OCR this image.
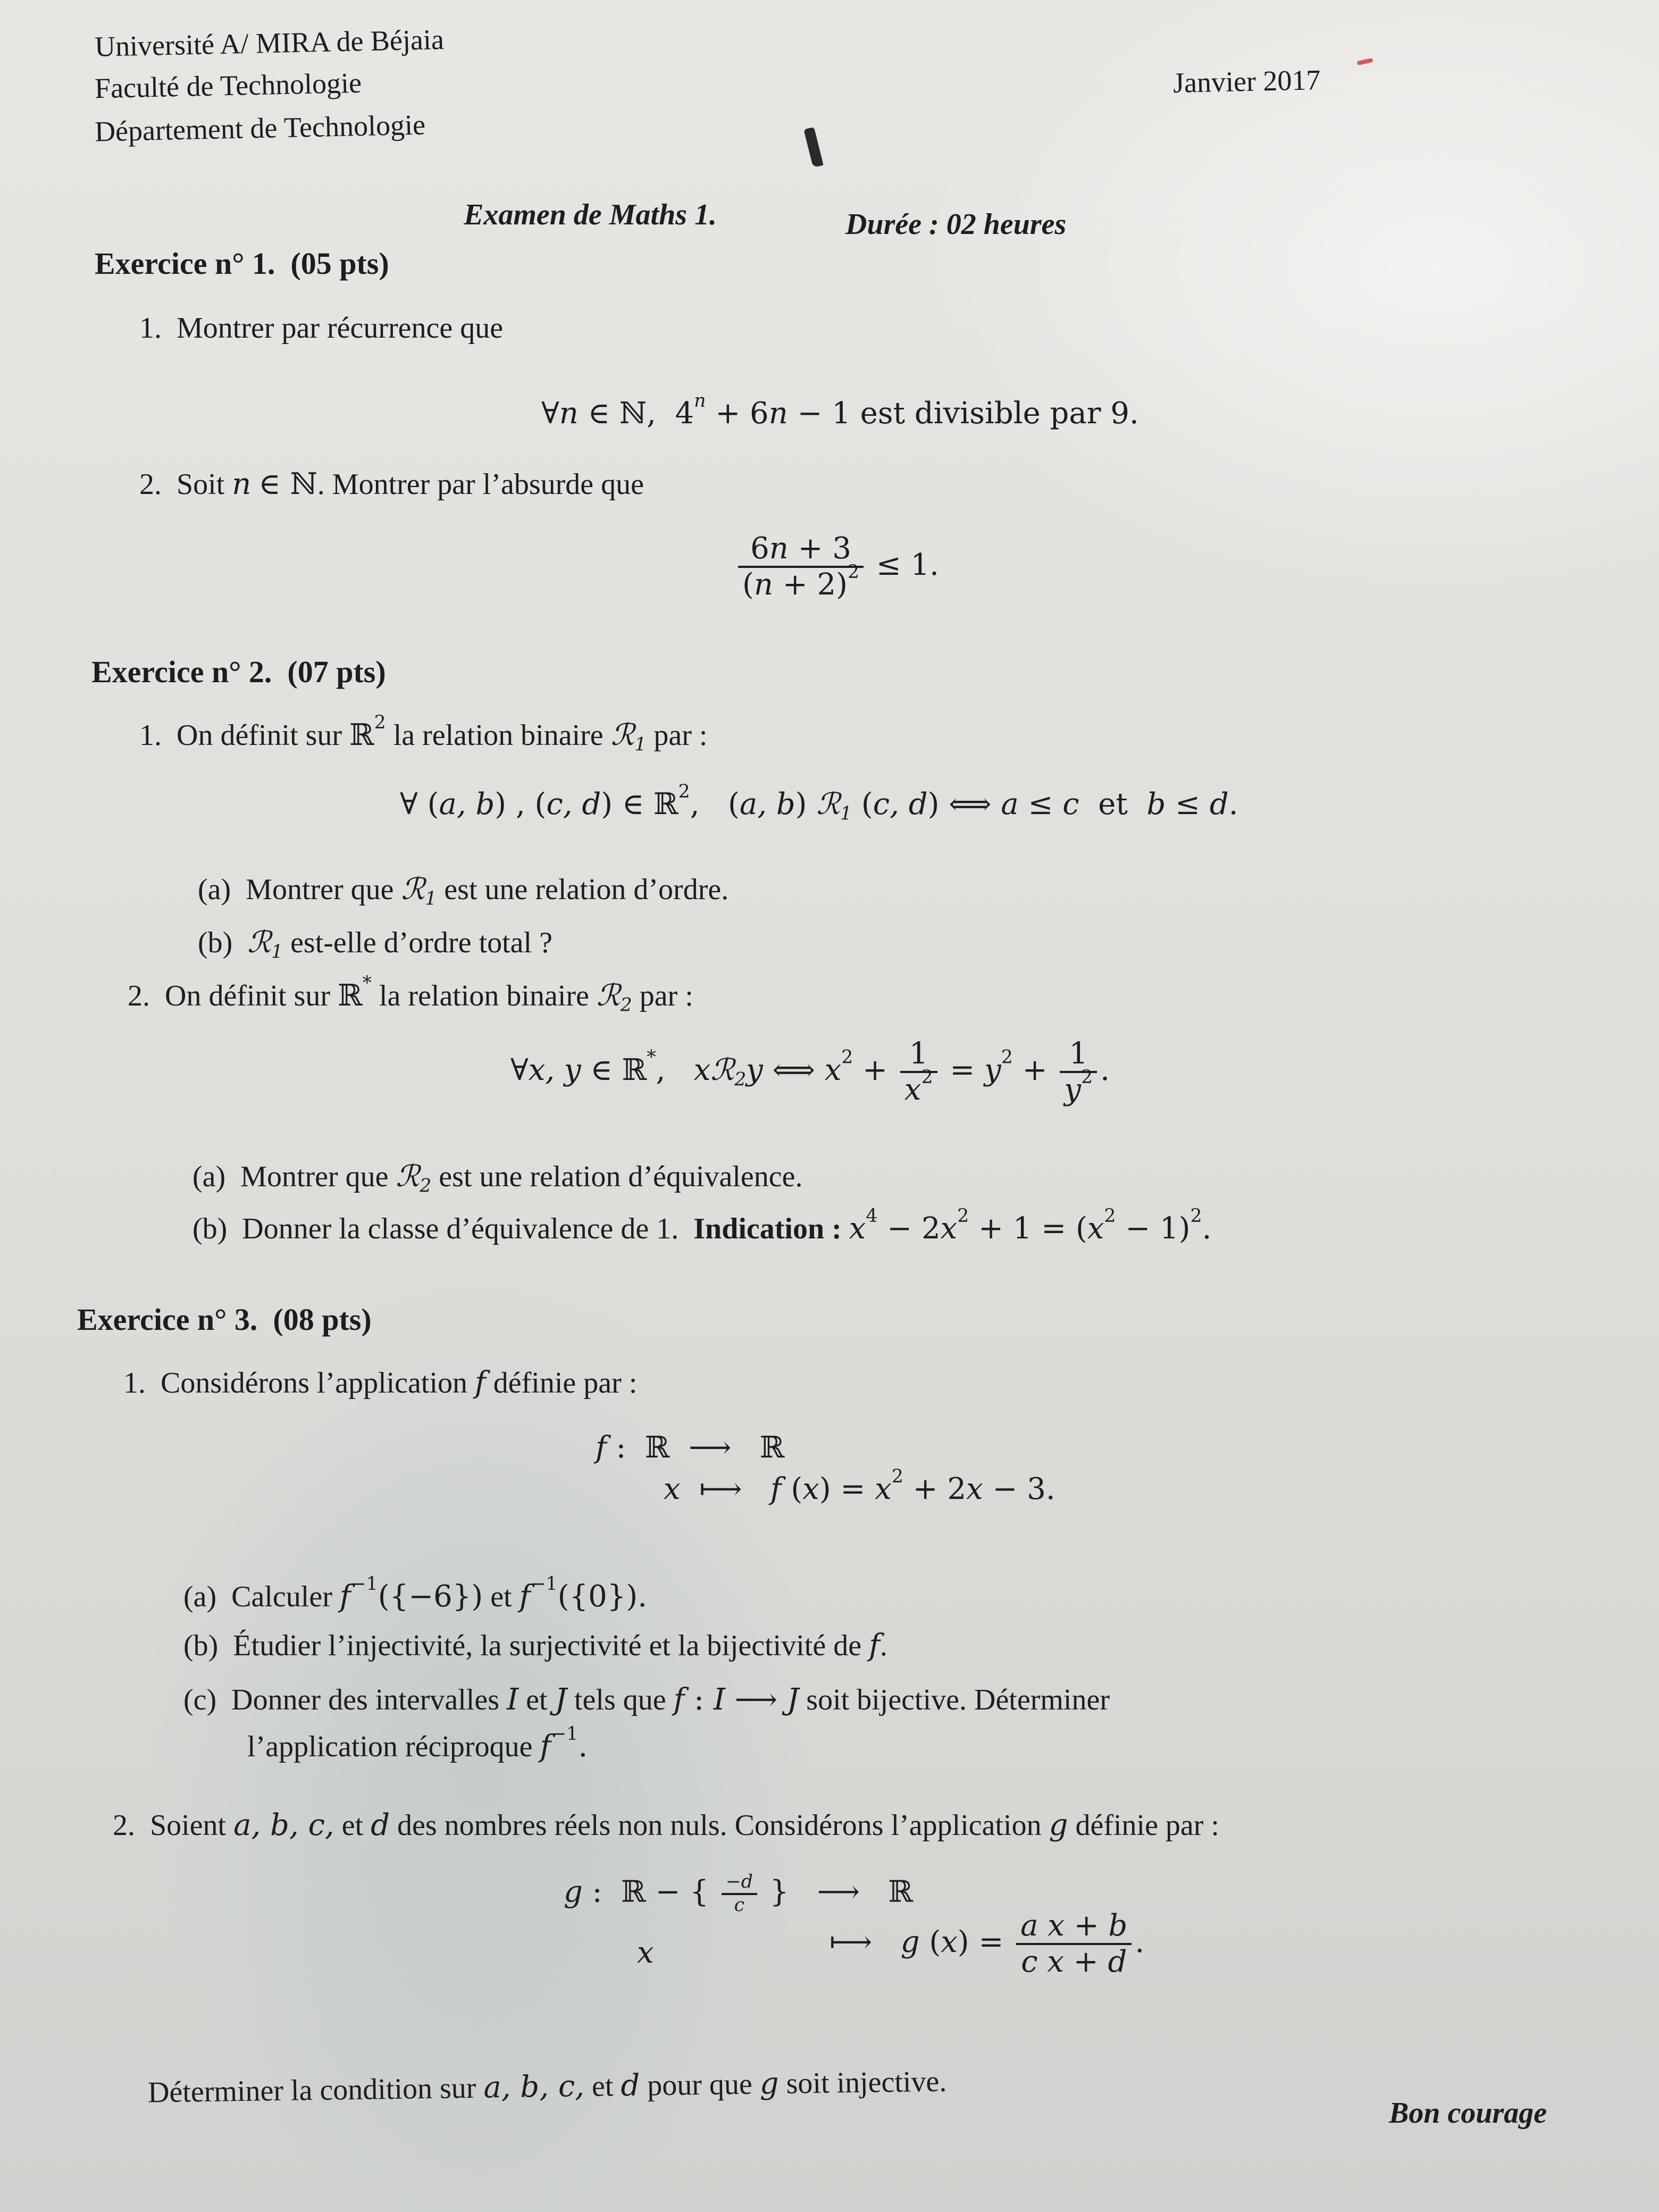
Université A/ MIRA de Béjaia
Faculté de Technologie
Département de Technologie
Janvier 2017
Examen de Maths 1.	Durée : 02 heures
Exercice n° 1. (05 pts)
1. Montrer par récurrence que
∀n ∈ ℕ,  $4^n + 6n - 1$ est divisible par 9.
2. Soit n ∈ ℕ. Montrer par l’absurde que
$\frac{6n + 3}{(n + 2)^2} \le 1$.
Exercice n° 2. (07 pts)
1. On définit sur ℝ$^2$ la relation binaire ℛ$_1$ par :
∀ (a, b) , (c, d) ∈ ℝ$^2$,   (a, b) ℛ$_1$ (c, d) ⟺ a ≤ c et b ≤ d.
(a) Montrer que ℛ$_1$ est une relation d’ordre.
(b) ℛ$_1$ est-elle d’ordre total ?
2. On définit sur ℝ* la relation binaire ℛ$_2$ par :
∀x, y ∈ ℝ*,   xℛ$_2$y ⟺ $x^2 + \frac{1}{x^2} = y^2 + \frac{1}{y^2}$ .
(a) Montrer que ℛ$_2$ est une relation d’équivalence.
(b) Donner la classe d’équivalence de 1. Indication : $x^4 - 2x^2 + 1 = (x^2 - 1)^2$.
Exercice n° 3. (08 pts)
1. Considérons l’application f définie par :
f :  ℝ  ⟶   ℝ
x  ⟼   f $(x) = x^2 + 2x - 3$.
(a) Calculer $f^{-1}(\{-6\})$ et $f^{-1}(\{0\})$.
(b) Étudier l’injectivité, la surjectivité et la bijectivité de f.
(c) Donner des intervalles I et J tels que f : I ⟶ J soit bijective. Déterminer
l’application réciproque $f^{-1}$.
2. Soient a, b, c, et d des nombres réels non nuls. Considérons l’application g définie par :
g :  ℝ − { $\frac{-d}{c}$ }   ⟶   ℝ
x	⟼   g $(x) = \frac{\text{a x + b}}{\text{c x + d}}$ .
Déterminer la condition sur a, b, c, et d pour que g soit injective.
Bon courage
